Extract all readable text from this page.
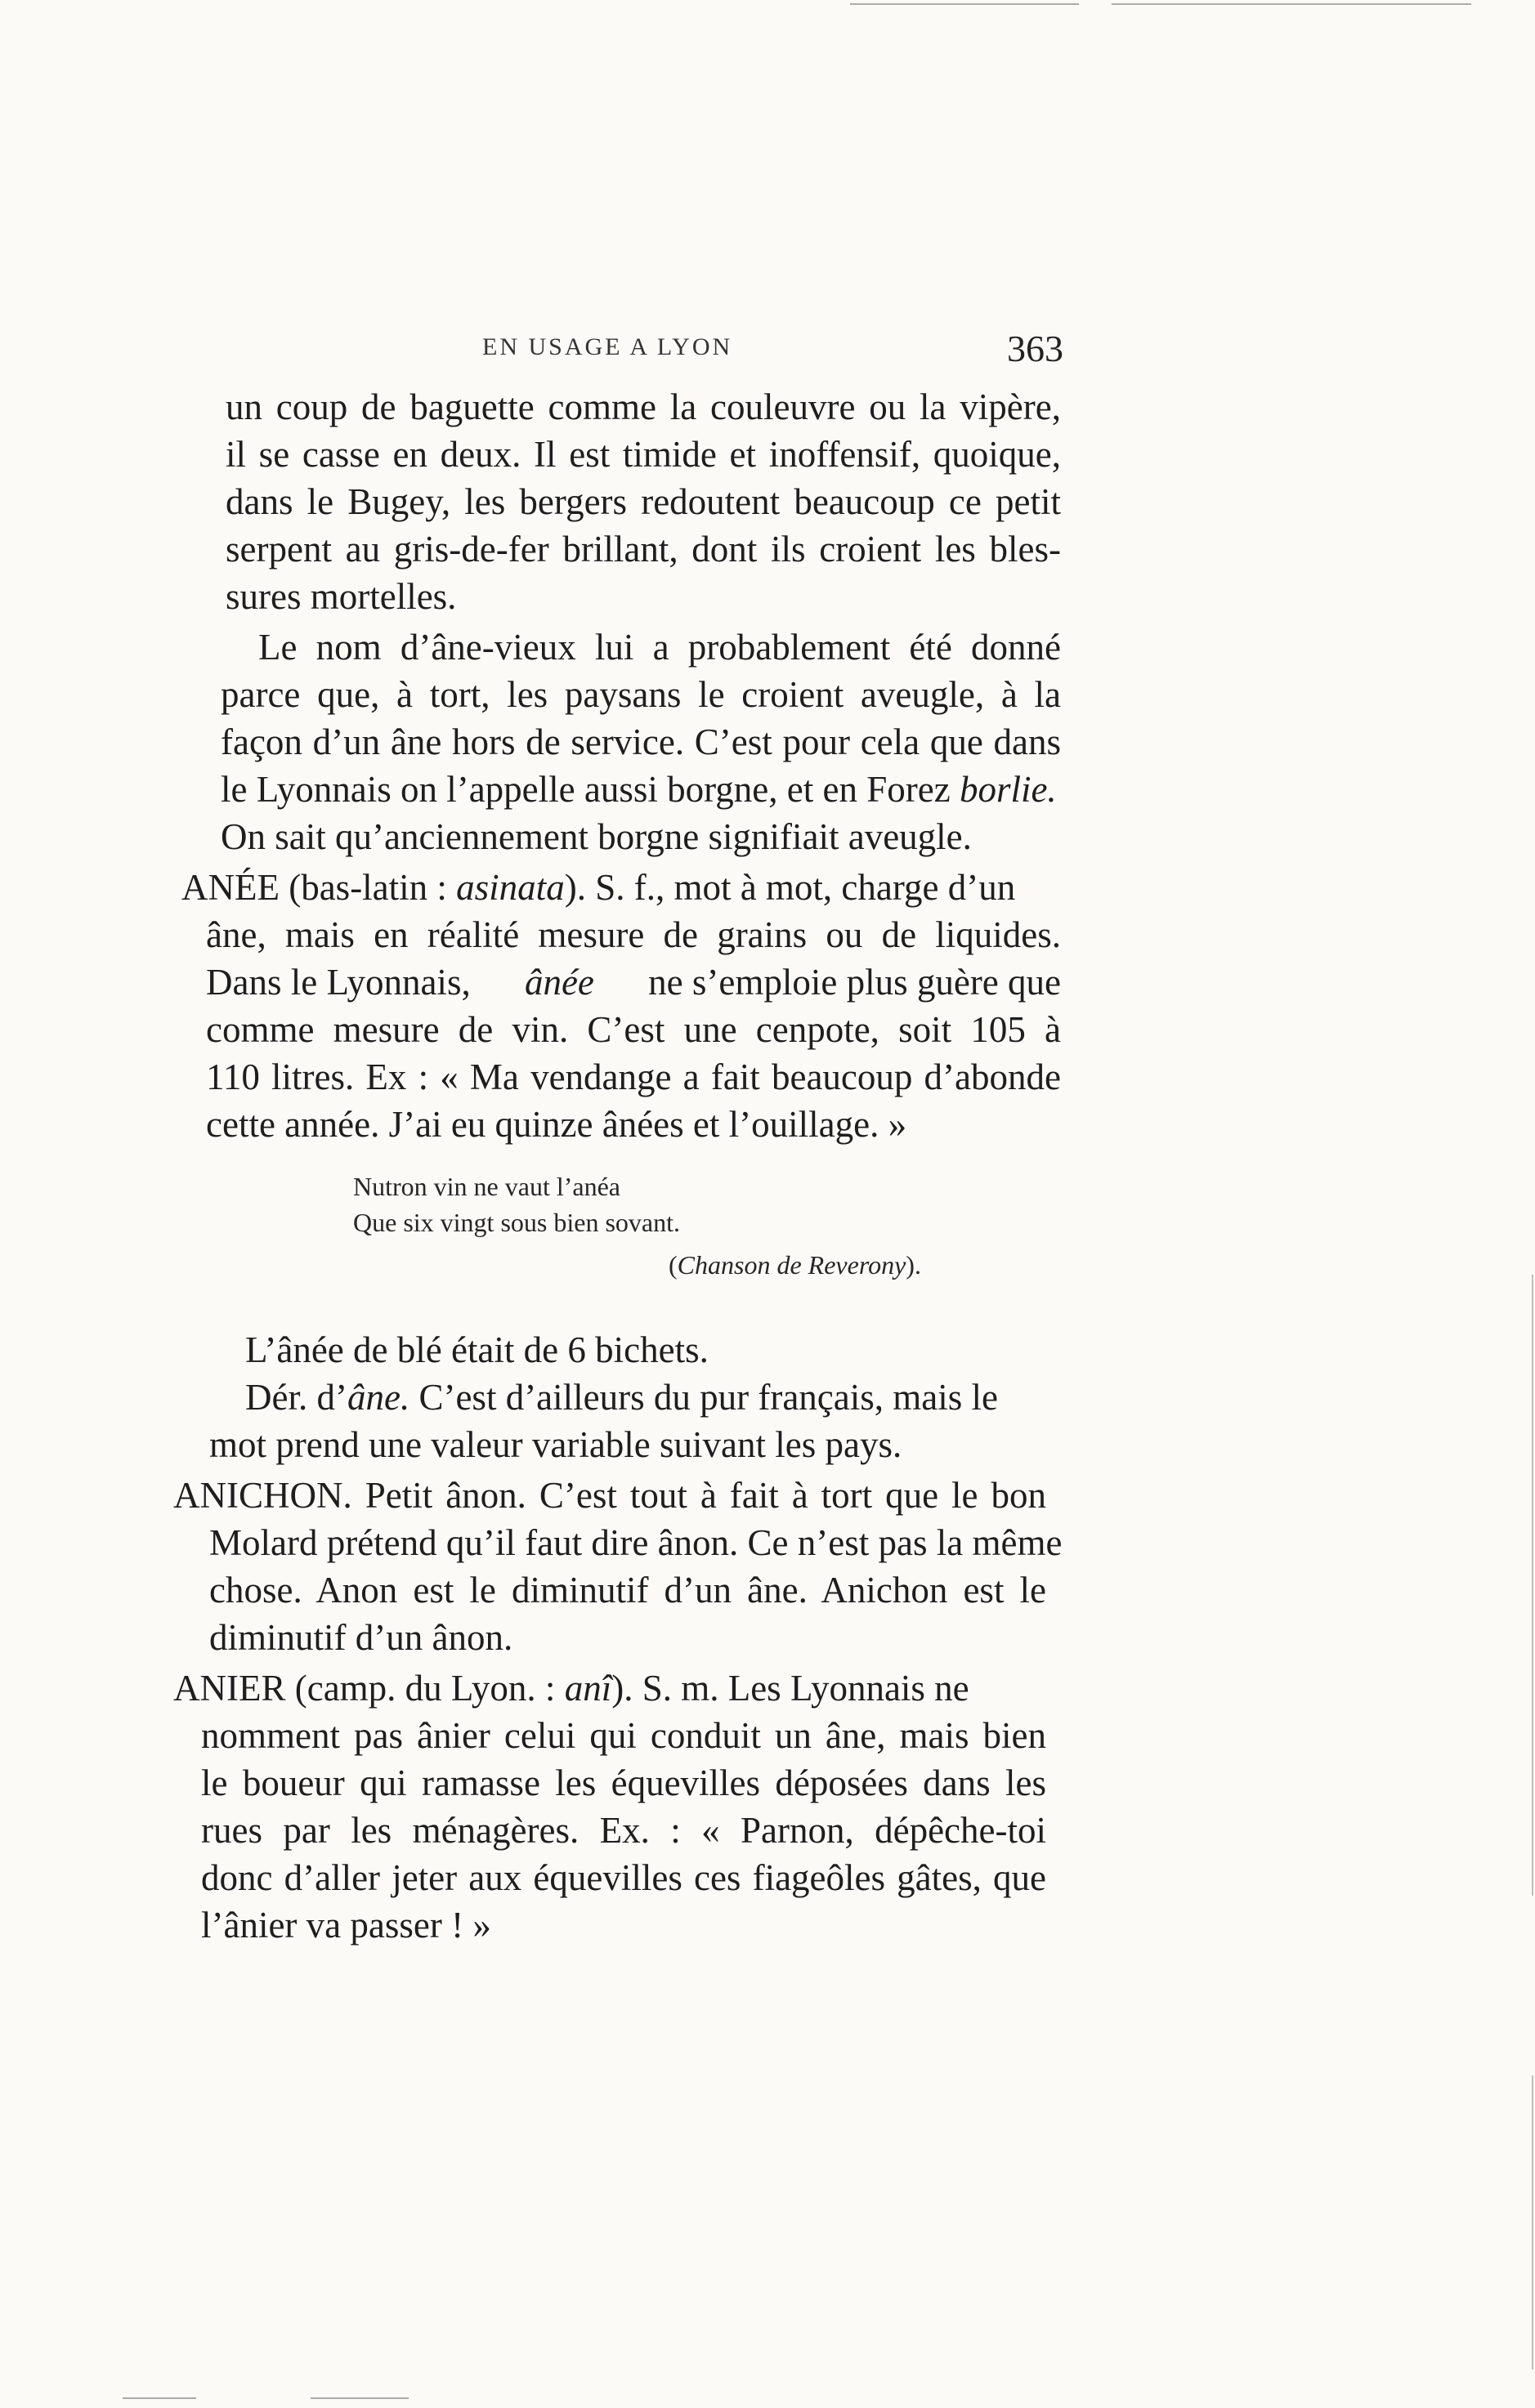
EN USAGE A LYON	363
un coup de baguette comme la couleuvre ou la vipère,
il se casse en deux. Il est timide et inoffensif, quoique,
dans le Bugey, les bergers redoutent beaucoup ce petit
serpent au gris-de-fer brillant, dont ils croient les bles-
sures mortelles.
Le nom d’âne-vieux lui a probablement été donné
parce que, à tort, les paysans le croient aveugle, à la
façon d’un âne hors de service. C’est pour cela que dans
le Lyonnais on l’appelle aussi borgne, et en Forez borlie.
On sait qu’anciennement borgne signifiait aveugle.
ANÉE (bas-latin : asinata). S. f., mot à mot, charge d’un
âne, mais en réalité mesure de grains ou de liquides.
Dans le Lyonnais, ânée ne s’emploie plus guère que
comme mesure de vin. C’est une cenpote, soit 105 à
110 litres. Ex : « Ma vendange a fait beaucoup d’abonde
cette année. J’ai eu quinze ânées et l’ouillage. »
Nutron vin ne vaut l’anéa
Que six vingt sous bien sovant.
(Chanson de Reverony).
L’ânée de blé était de 6 bichets.
Dér. d’âne. C’est d’ailleurs du pur français, mais le
mot prend une valeur variable suivant les pays.
ANICHON. Petit ânon. C’est tout à fait à tort que le bon
Molard prétend qu’il faut dire ânon. Ce n’est pas la même
chose. Anon est le diminutif d’un âne. Anichon est le
diminutif d’un ânon.
ANIER (camp. du Lyon. : anî). S. m. Les Lyonnais ne
nomment pas ânier celui qui conduit un âne, mais bien
le boueur qui ramasse les équevilles déposées dans les
rues par les ménagères. Ex. : « Parnon, dépêche-toi
donc d’aller jeter aux équevilles ces fiageôles gâtes, que
l’ânier va passer ! »
